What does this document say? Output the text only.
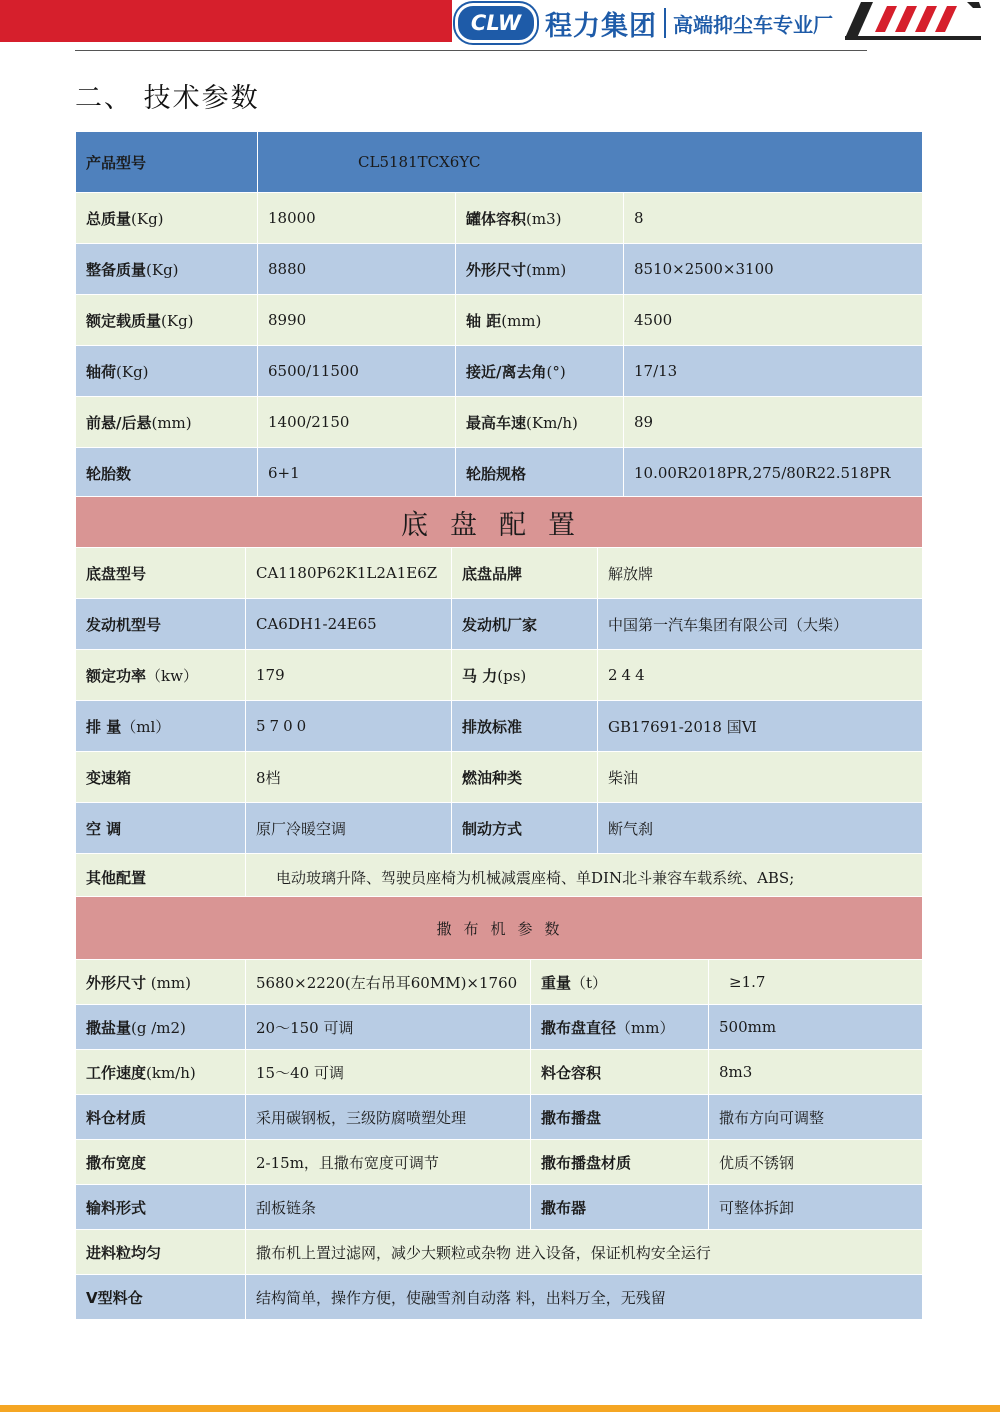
CLW 程力集团 高端抑尘车专业厂
二、 技术参数
产品型号	CL5181TCX6YC		
总质量(Kg)	18000	罐体容积(m3)	8
整备质量(Kg)	8880	外形尺寸(mm)	8510×2500×3100
额定载质量(Kg)	8990	轴 距(mm)	4500
轴荷(Kg)	6500/11500	接近/离去角(°)	17/13
前悬/后悬(mm)	1400/2150	最高车速(Km/h)	89
轮胎数	6+1	轮胎规格	10.00R2018PR,275/80R22.518PR
底盘配置			
底盘型号	CA1180P62K1L2A1E6Z	底盘品牌	解放牌
发动机型号	CA6DH1-24E65	发动机厂家	中国第一汽车集团有限公司（大柴）
额定功率（kw）	179	马 力(ps)	244
排 量（ml）	5700	排放标准	GB17691-2018 国Ⅵ
变速箱	8档	燃油种类	柴油
空 调	原厂冷暖空调	制动方式	断气刹
其他配置	电动玻璃升降、驾驶员座椅为机械减震座椅、单DIN北斗兼容车载系统、ABS;		
撒布机参数			
外形尺寸 (mm)	5680×2220(左右吊耳60MM)×1760	重量（t）	≥1.7
撒盐量(g /m2)	20～150 可调	撒布盘直径（mm）	500mm
工作速度(km/h)	15～40 可调	料仓容积	8m3
料仓材质	采用碳钢板，三级防腐喷塑处理	撒布播盘	撒布方向可调整
撒布宽度	2-15m，且撒布宽度可调节	撒布播盘材质	优质不锈钢
输料形式	刮板链条	撒布器	可整体拆卸
进料粒均匀	撒布机上置过滤网，减少大颗粒或杂物 进入设备，保证机构安全运行		
V型料仓	结构简单，操作方便，使融雪剂自动落 料，出料万全，无残留		
